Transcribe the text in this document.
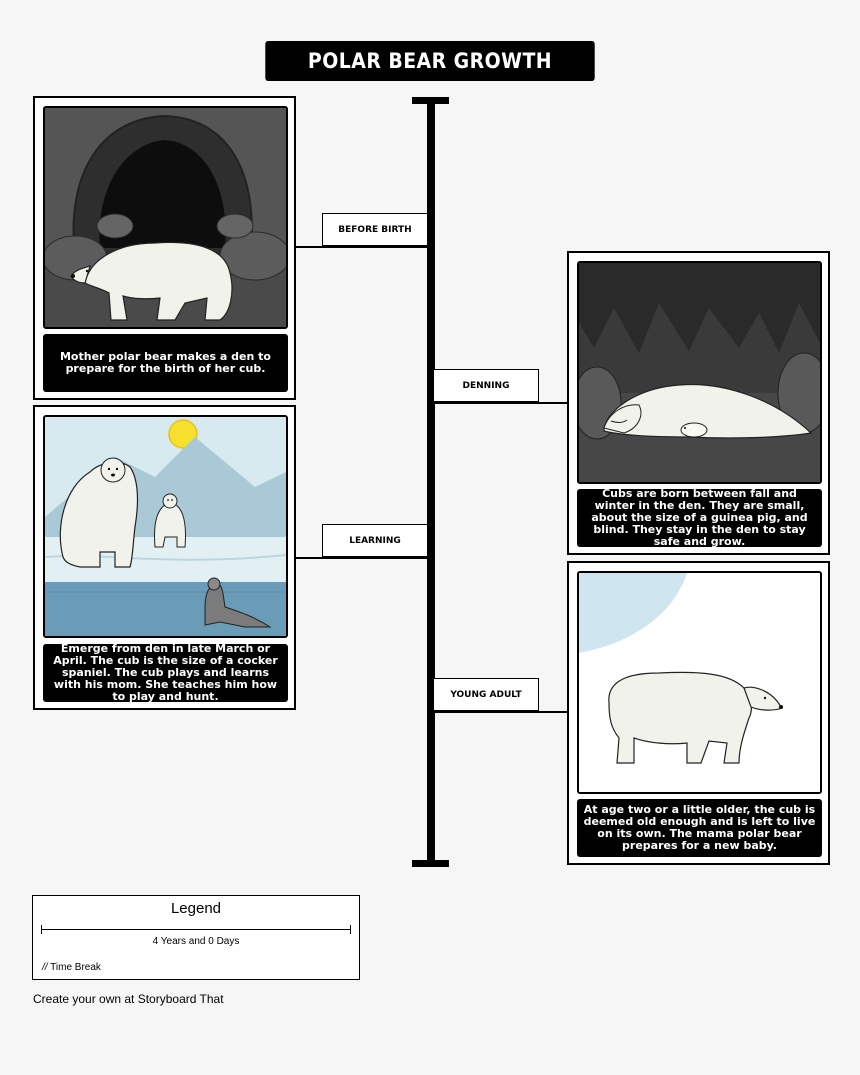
POLAR BEAR GROWTH
BEFORE BIRTH
DENNING
LEARNING
YOUNG ADULT
Mother polar bear makes a den to prepare for the birth of her cub.
Cubs are born between fall and winter in the den. They are small, about the size of a guinea pig, and blind. They stay in the den to stay safe and grow.
Emerge from den in late March or April. The cub is the size of a cocker spaniel. The cub plays and learns with his mom. She teaches him how to play and hunt.
At age two or a little older, the cub is deemed old enough and is left to live on its own. The mama polar bear prepares for a new baby.
Legend
4 Years and 0 Days
// Time Break
Create your own at Storyboard That
